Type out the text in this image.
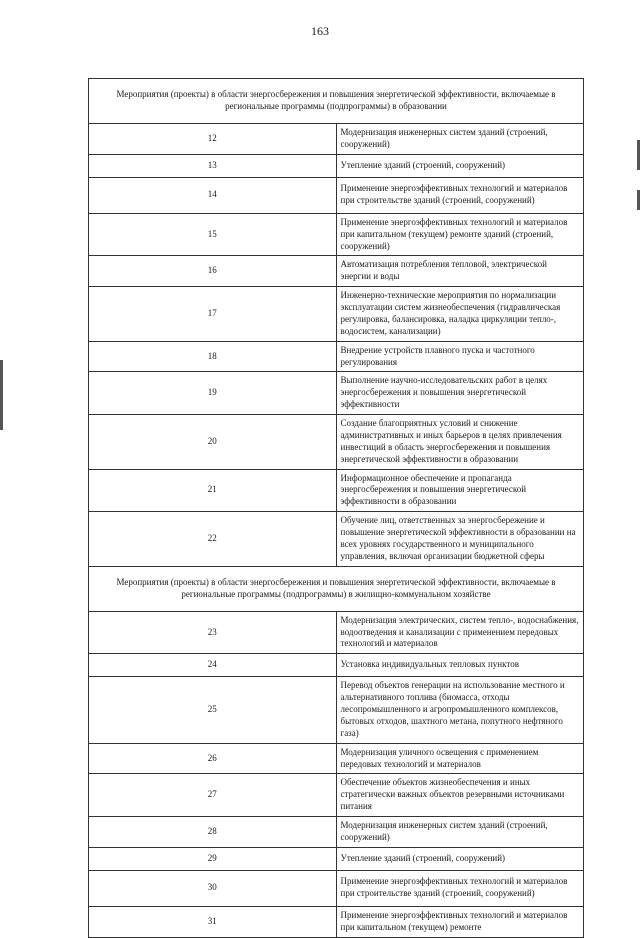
163
Мероприятия (проекты) в области энергосбережения и повышения энергетической эффективности, включаемые в региональные программы (подпрограммы) в образовании	
12	Модернизация инженерных систем зданий (строений, сооружений)
13	Утепление зданий (строений, сооружений)
14	Применение энергоэффективных технологий и материалов при строительстве зданий (строений, сооружений)
15	Применение энергоэффективных технологий и материалов при капитальном (текущем) ремонте зданий (строений, сооружений)
16	Автоматизация потребления тепловой, электрической энергии и воды
17	Инженерно-технические мероприятия по нормализации эксплуатации систем жизнеобеспечения (гидравлическая регулировка, балансировка, наладка циркуляции тепло-, водосистем, канализации)
18	Внедрение устройств плавного пуска и частотного регулирования
19	Выполнение научно-исследовательских работ в целях энергосбережения и повышения энергетической эффективности
20	Создание благоприятных условий и снижение административных и иных барьеров в целях привлечения инвестиций в область энергосбережения и повышения энергетической эффективности в образовании
21	Информационное обеспечение и пропаганда энергосбережения и повышения энергетической эффективности в образовании
22	Обучение лиц, ответственных за энергосбережение и повышение энергетической эффективности в образовании на всех уровнях государственного и муниципального управления, включая организации бюджетной сферы
Мероприятия (проекты) в области энергосбережения и повышения энергетической эффективности, включаемые в региональные программы (подпрограммы) в жилищно-коммунальном хозяйстве	
23	Модернизация электрических, систем тепло-, водоснабжения, водоотведения и канализации с применением передовых технологий и материалов
24	Установка индивидуальных тепловых пунктов
25	Перевод объектов генерации на использование местного и альтернативного топлива (биомасса, отходы лесопромышленного и агропромышленного комплексов, бытовых отходов, шахтного метана, попутного нефтяного газа)
26	Модернизация уличного освещения с применением передовых технологий и материалов
27	Обеспечение объектов жизнеобеспечения и иных стратегически важных объектов резервными источниками питания
28	Модернизация инженерных систем зданий (строений, сооружений)
29	Утепление зданий (строений, сооружений)
30	Применение энергоэффективных технологий и материалов при строительстве зданий (строений, сооружений)
31	Применение энергоэффективных технологий и материалов при капитальном (текущем) ремонте
